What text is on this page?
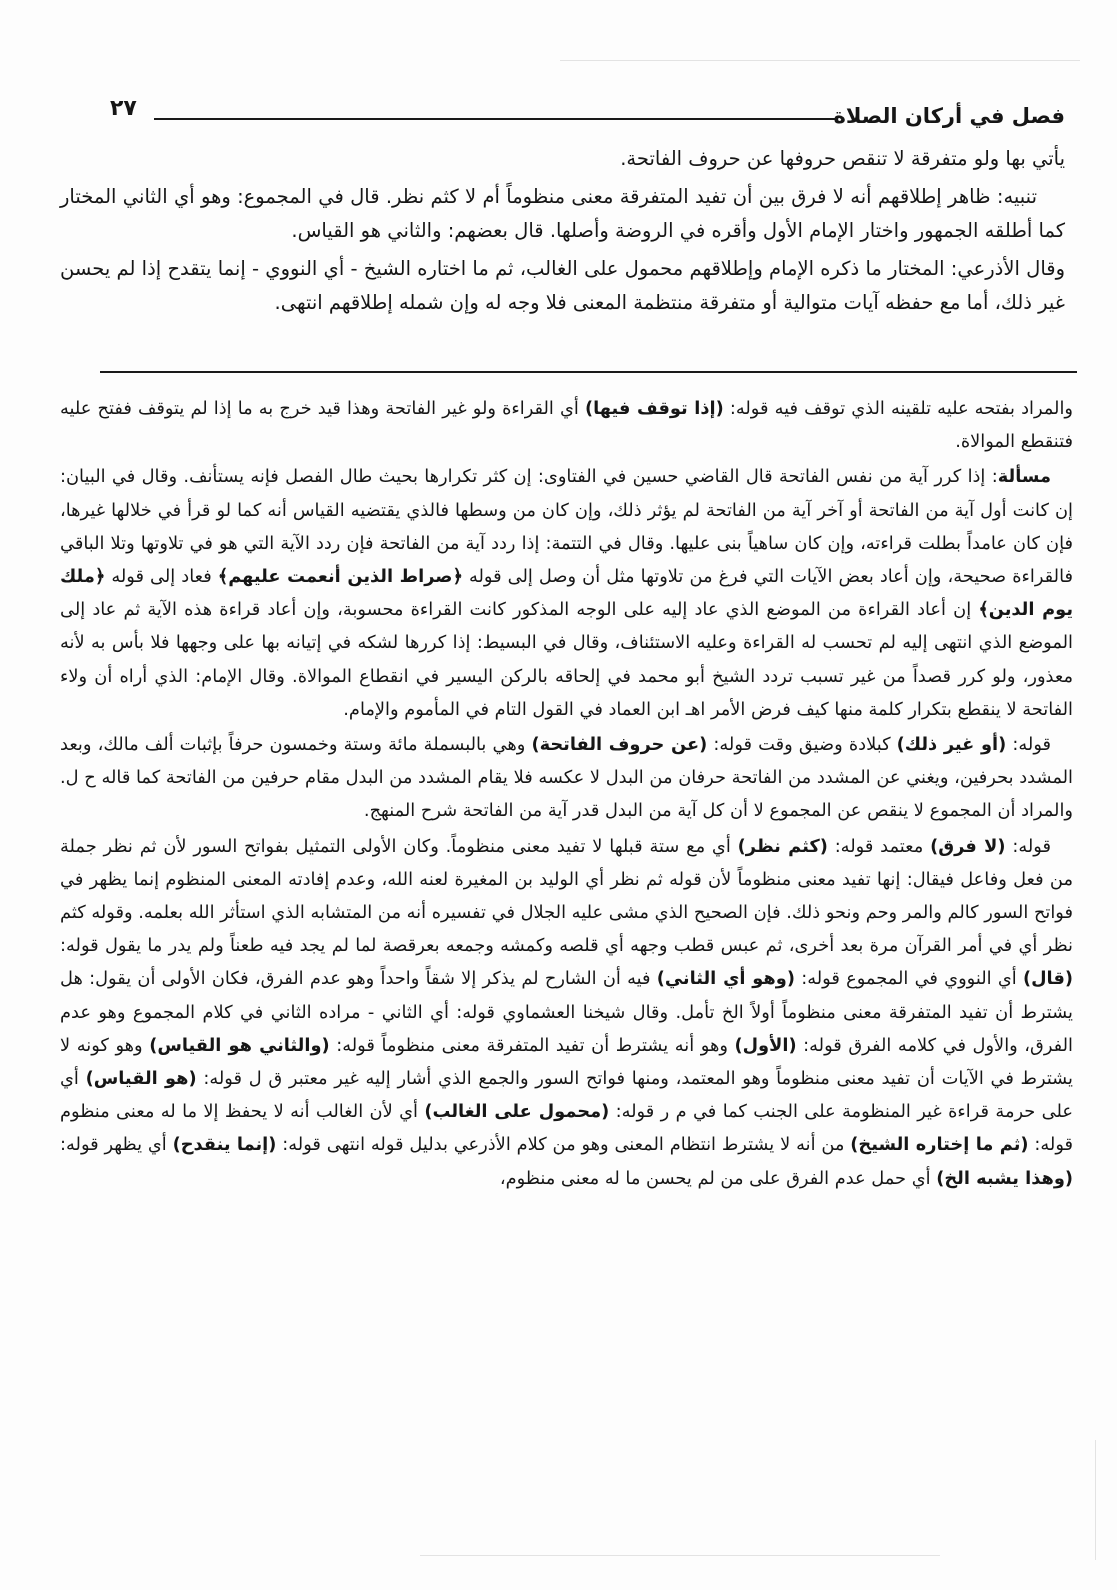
فصل في أركان الصلاة
٢٧

يأتي بها ولو متفرقة لا تنقص حروفها عن حروف الفاتحة.

تنبيه: ظاهر إطلاقهم أنه لا فرق بين أن تفيد المتفرقة معنى منظوماً أم لا كثم نظر. قال في المجموع: وهو أي الثاني المختار كما أطلقه الجمهور واختار الإمام الأول وأقره في الروضة وأصلها. قال بعضهم: والثاني هو القياس.

وقال الأذرعي: المختار ما ذكره الإمام وإطلاقهم محمول على الغالب، ثم ما اختاره الشيخ - أي النووي - إنما يتقدح إذا لم يحسن غير ذلك، أما مع حفظه آيات متوالية أو متفرقة منتظمة المعنى فلا وجه له وإن شمله إطلاقهم انتهى.

والمراد بفتحه عليه تلقينه الذي توقف فيه قوله: (إذا توقف فيها) أي القراءة ولو غير الفاتحة وهذا قيد خرج به ما إذا لم يتوقف ففتح عليه فتنقطع الموالاة.

مسألة: إذا كرر آية من نفس الفاتحة قال القاضي حسين في الفتاوى: إن كثر تكرارها بحيث طال الفصل فإنه يستأنف. وقال في البيان: إن كانت أول آية من الفاتحة أو آخر آية من الفاتحة لم يؤثر ذلك، وإن كان من وسطها فالذي يقتضيه القياس أنه كما لو قرأ في خلالها غيرها، فإن كان عامداً بطلت قراءته، وإن كان ساهياً بنى عليها. وقال في التتمة: إذا ردد آية من الفاتحة فإن ردد الآية التي هو في تلاوتها وتلا الباقي فالقراءة صحيحة، وإن أعاد بعض الآيات التي فرغ من تلاوتها مثل أن وصل إلى قوله ﴿صراط الذين أنعمت عليهم﴾ فعاد إلى قوله ﴿ملك يوم الدين﴾ إن أعاد القراءة من الموضع الذي عاد إليه على الوجه المذكور كانت القراءة محسوبة، وإن أعاد قراءة هذه الآية ثم عاد إلى الموضع الذي انتهى إليه لم تحسب له القراءة وعليه الاستئناف، وقال في البسيط: إذا كررها لشكه في إتيانه بها على وجهها فلا بأس به لأنه معذور، ولو كرر قصداً من غير تسبب تردد الشيخ أبو محمد في إلحاقه بالركن اليسير في انقطاع الموالاة. وقال الإمام: الذي أراه أن ولاء الفاتحة لا ينقطع بتكرار كلمة منها كيف فرض الأمر اهـ ابن العماد في القول التام في المأموم والإمام.

قوله: (أو غير ذلك) كبلادة وضيق وقت قوله: (عن حروف الفاتحة) وهي بالبسملة مائة وستة وخمسون حرفاً بإثبات ألف مالك، وبعد المشدد بحرفين، ويغني عن المشدد من الفاتحة حرفان من البدل لا عكسه فلا يقام المشدد من البدل مقام حرفين من الفاتحة كما قاله ح ل. والمراد أن المجموع لا ينقص عن المجموع لا أن كل آية من البدل قدر آية من الفاتحة شرح المنهج.

قوله: (لا فرق) معتمد قوله: (كثم نظر) أي مع ستة قبلها لا تفيد معنى منظوماً. وكان الأولى التمثيل بفواتح السور لأن ثم نظر جملة من فعل وفاعل فيقال: إنها تفيد معنى منظوماً لأن قوله ثم نظر أي الوليد بن المغيرة لعنه الله، وعدم إفادته المعنى المنظوم إنما يظهر في فواتح السور كالم والمر وحم ونحو ذلك. فإن الصحيح الذي مشى عليه الجلال في تفسيره أنه من المتشابه الذي استأثر الله بعلمه. وقوله كثم نظر أي في أمر القرآن مرة بعد أخرى، ثم عبس قطب وجهه أي قلصه وكمشه وجمعه بعرقصة لما لم يجد فيه طعناً ولم يدر ما يقول قوله: (قال) أي النووي في المجموع قوله: (وهو أي الثاني) فيه أن الشارح لم يذكر إلا شقاً واحداً وهو عدم الفرق، فكان الأولى أن يقول: هل يشترط أن تفيد المتفرقة معنى منظوماً أولاً الخ تأمل. وقال شيخنا العشماوي قوله: أي الثاني - مراده الثاني في كلام المجموع وهو عدم الفرق، والأول في كلامه الفرق قوله: (الأول) وهو أنه يشترط أن تفيد المتفرقة معنى منظوماً قوله: (والثاني هو القياس) وهو كونه لا يشترط في الآيات أن تفيد معنى منظوماً وهو المعتمد، ومنها فواتح السور والجمع الذي أشار إليه غير معتبر ق ل قوله: (هو القياس) أي على حرمة قراءة غير المنظومة على الجنب كما في م ر قوله: (محمول على الغالب) أي لأن الغالب أنه لا يحفظ إلا ما له معنى منظوم قوله: (ثم ما إختاره الشيخ) من أنه لا يشترط انتظام المعنى وهو من كلام الأذرعي بدليل قوله انتهى قوله: (إنما ينقدح) أي يظهر قوله: (وهذا يشبه الخ) أي حمل عدم الفرق على من لم يحسن ما له معنى منظوم،
